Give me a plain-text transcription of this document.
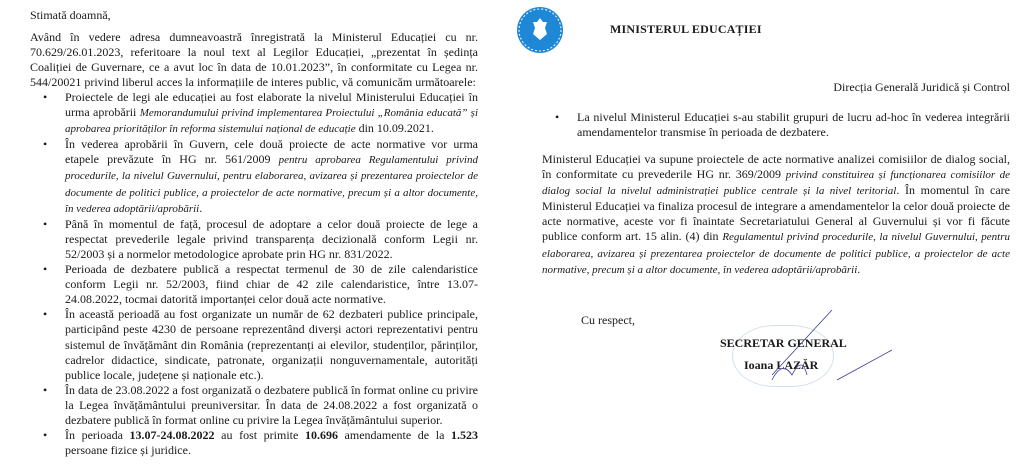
Stimată doamnă,

Având în vedere adresa dumneavoastră înregistrată la Ministerul Educației cu nr. 70.629/26.01.2023, referitoare la noul text al Legilor Educației, „prezentat în ședința Coaliției de Guvernare, ce a avut loc în data de 10.01.2023”, în conformitate cu Legea nr. 544/20021 privind liberul acces la informațiile de interes public, vă comunicăm următoarele:

• Proiectele de legi ale educației au fost elaborate la nivelul Ministerului Educației în urma aprobării Memorandumului privind implementarea Proiectului „România educată” și aprobarea priorităților în reforma sistemului național de educație din 10.09.2021.
• În vederea aprobării în Guvern, cele două proiecte de acte normative vor urma etapele prevăzute în HG nr. 561/2009 pentru aprobarea Regulamentului privind procedurile, la nivelul Guvernului, pentru elaborarea, avizarea și prezentarea proiectelor de documente de politici publice, a proiectelor de acte normative, precum și a altor documente, în vederea adoptării/aprobării.
• Până în momentul de față, procesul de adoptare a celor două proiecte de lege a respectat prevederile legale privind transparența decizională conform Legii nr. 52/2003 și a normelor metodologice aprobate prin HG nr. 831/2022.
• Perioada de dezbatere publică a respectat termenul de 30 de zile calendaristice conform Legii nr. 52/2003, fiind chiar de 42 zile calendaristice, între 13.07-24.08.2022, tocmai datorită importanței celor două acte normative.
• În această perioadă au fost organizate un număr de 62 dezbateri publice principale, participând peste 4230 de persoane reprezentând diverși actori reprezentativi pentru sistemul de învățământ din România (reprezentanți ai elevilor, studenților, părinților, cadrelor didactice, sindicate, patronate, organizații nonguvernamentale, autorități publice locale, județene și naționale etc.).
• În data de 23.08.2022 a fost organizată o dezbatere publică în format online cu privire la Legea învățământului preuniversitar. În data de 24.08.2022 a fost organizată o dezbatere publică în format online cu privire la Legea învățământului superior.
• În perioada 13.07-24.08.2022 au fost primite 10.696 amendamente de la 1.523 persoane fizice și juridice.

MINISTERUL EDUCAȚIEI

Direcția Generală Juridică și Control

• La nivelul Ministerul Educației s-au stabilit grupuri de lucru ad-hoc în vederea integrării amendamentelor transmise în perioada de dezbatere.

Ministerul Educației va supune proiectele de acte normative analizei comisiilor de dialog social, în conformitate cu prevederile HG nr. 369/2009 privind constituirea și funcționarea comisiilor de dialog social la nivelul administrației publice centrale și la nivel teritorial. În momentul în care Ministerul Educației va finaliza procesul de integrare a amendamentelor la celor două proiecte de acte normative, aceste vor fi înaintate Secretariatului General al Guvernului și vor fi făcute publice conform art. 15 alin. (4) din Regulamentul privind procedurile, la nivelul Guvernului, pentru elaborarea, avizarea și prezentarea proiectelor de documente de politici publice, a proiectelor de acte normative, precum și a altor documente, în vederea adoptării/aprobării.

Cu respect,

SECRETAR GENERAL

Ioana LAZĂR
